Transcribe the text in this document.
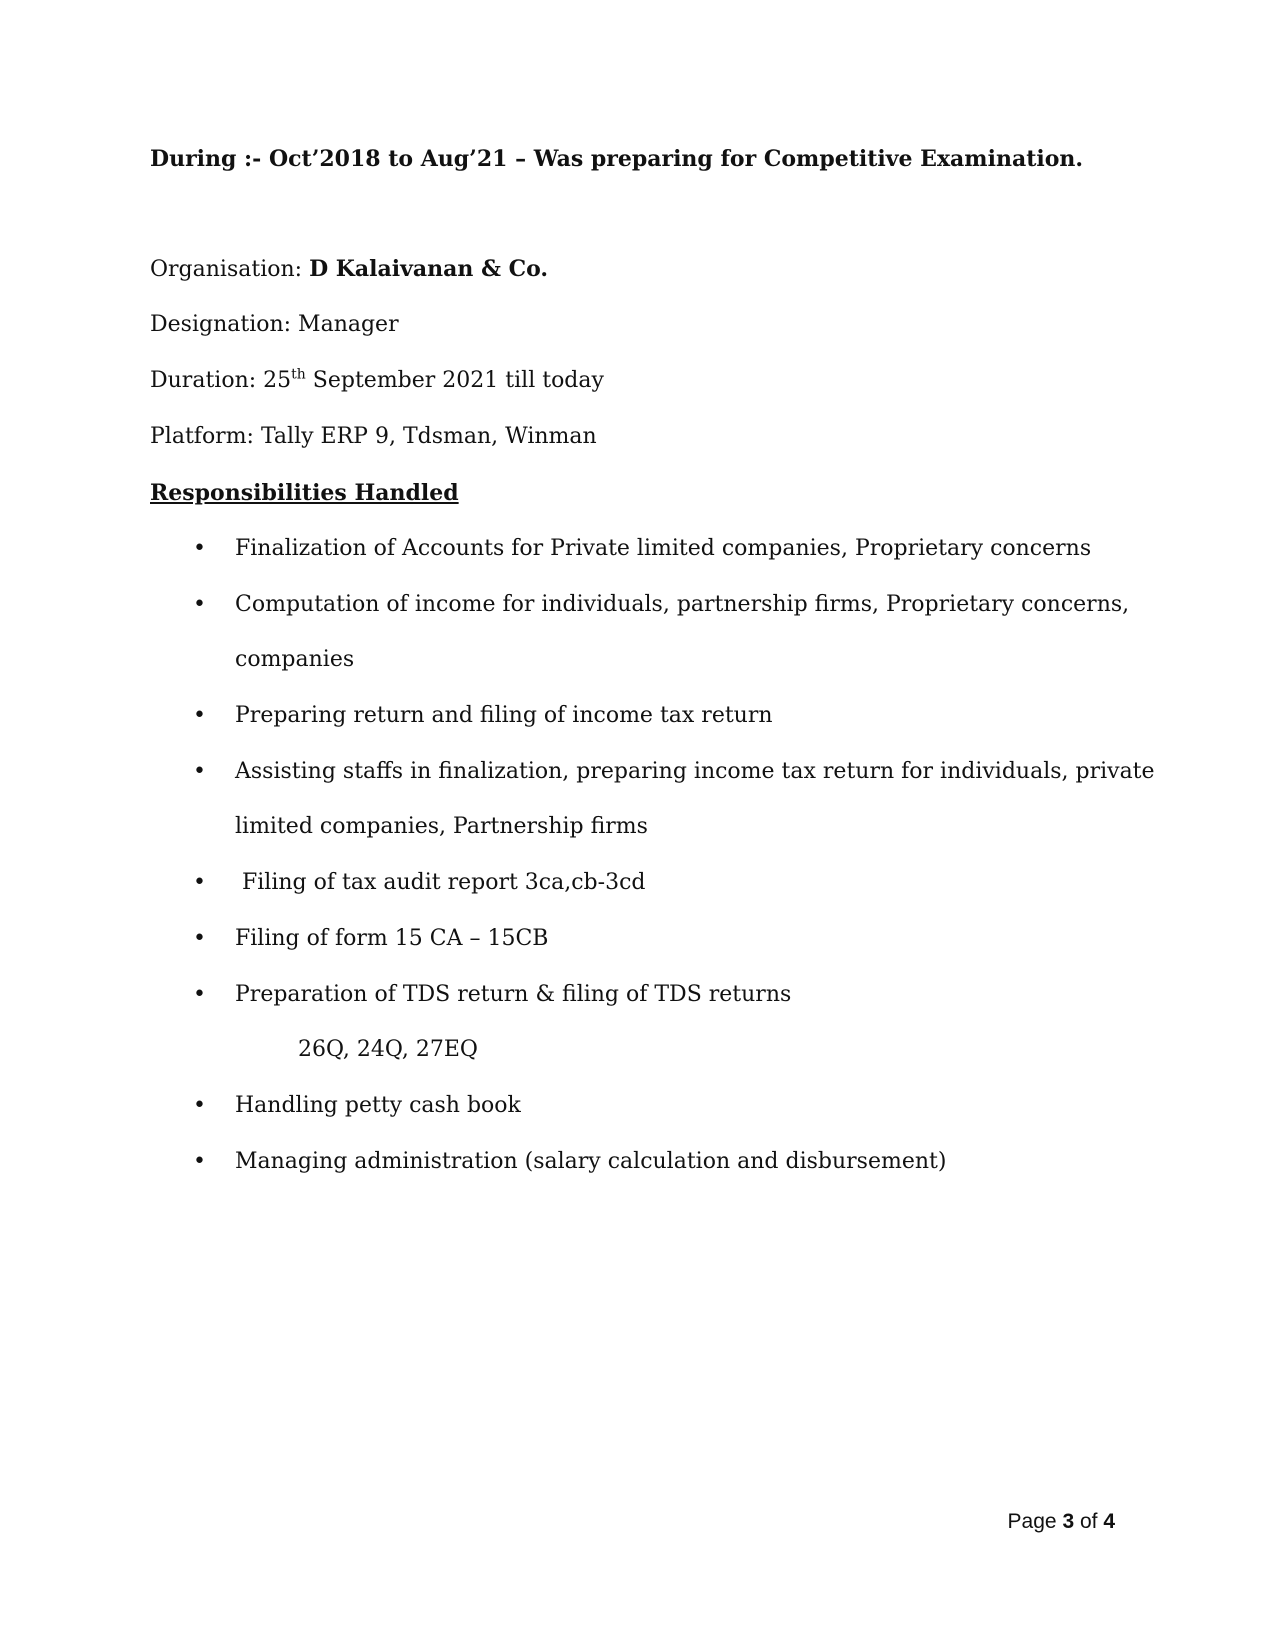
During :- Oct’2018 to Aug’21 – Was preparing for Competitive Examination.
Organisation: D Kalaivanan & Co.
Designation: Manager
Duration: 25th September 2021 till today
Platform: Tally ERP 9, Tdsman, Winman
Responsibilities Handled
• Finalization of Accounts for Private limited companies, Proprietary concerns
• Computation of income for individuals, partnership firms, Proprietary concerns,
companies
• Preparing return and filing of income tax return
• Assisting staffs in finalization, preparing income tax return for individuals, private
limited companies, Partnership firms
• Filing of tax audit report 3ca,cb-3cd
• Filing of form 15 CA – 15CB
• Preparation of TDS return & filing of TDS returns
26Q, 24Q, 27EQ
• Handling petty cash book
• Managing administration (salary calculation and disbursement)
Page 3 of 4
